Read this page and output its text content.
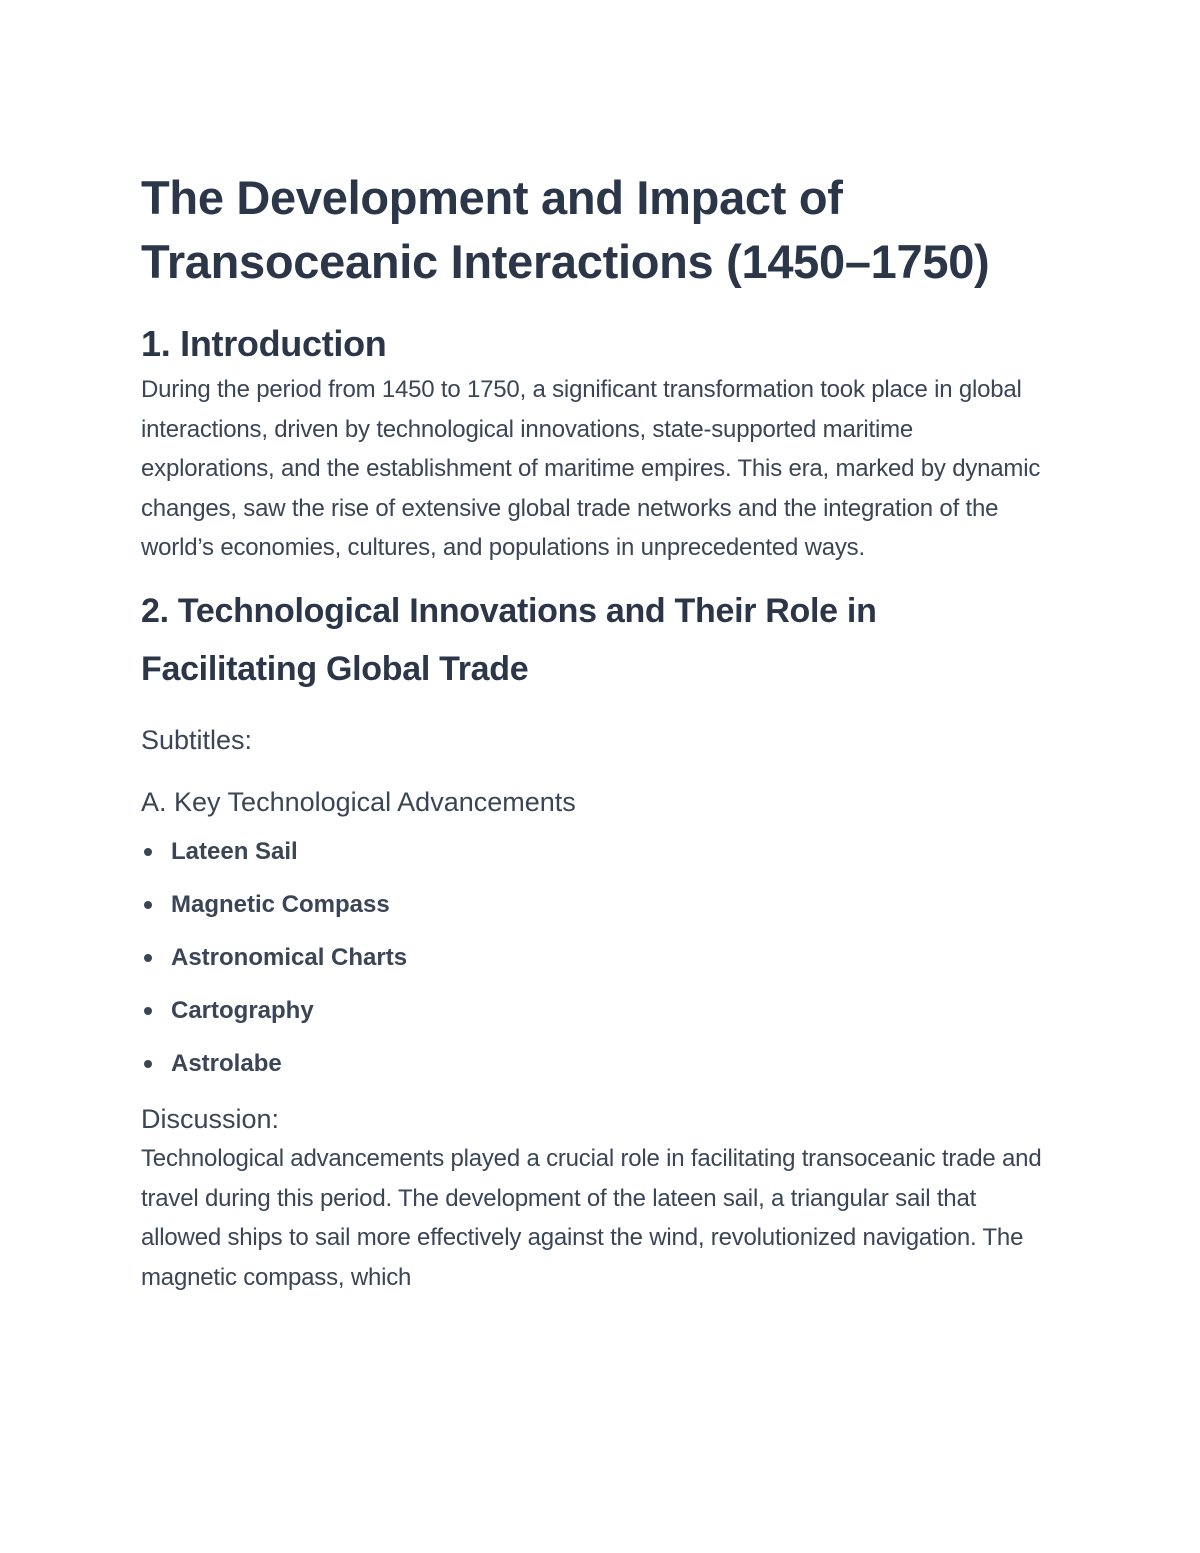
The Development and Impact of Transoceanic Interactions (1450–1750)
1. Introduction

During the period from 1450 to 1750, a significant transformation took place in global interactions, driven by technological innovations, state-supported maritime explorations, and the establishment of maritime empires. This era, marked by dynamic changes, saw the rise of extensive global trade networks and the integration of the world’s economies, cultures, and populations in unprecedented ways.

2. Technological Innovations and Their Role in Facilitating Global Trade
Subtitles:
A. Key Technological Advancements
Lateen Sail
Magnetic Compass
Astronomical Charts
Cartography
Astrolabe
Discussion:

Technological advancements played a crucial role in facilitating transoceanic trade and travel during this period. The development of the lateen sail, a triangular sail that allowed ships to sail more effectively against the wind, revolutionized navigation. The magnetic compass, which
